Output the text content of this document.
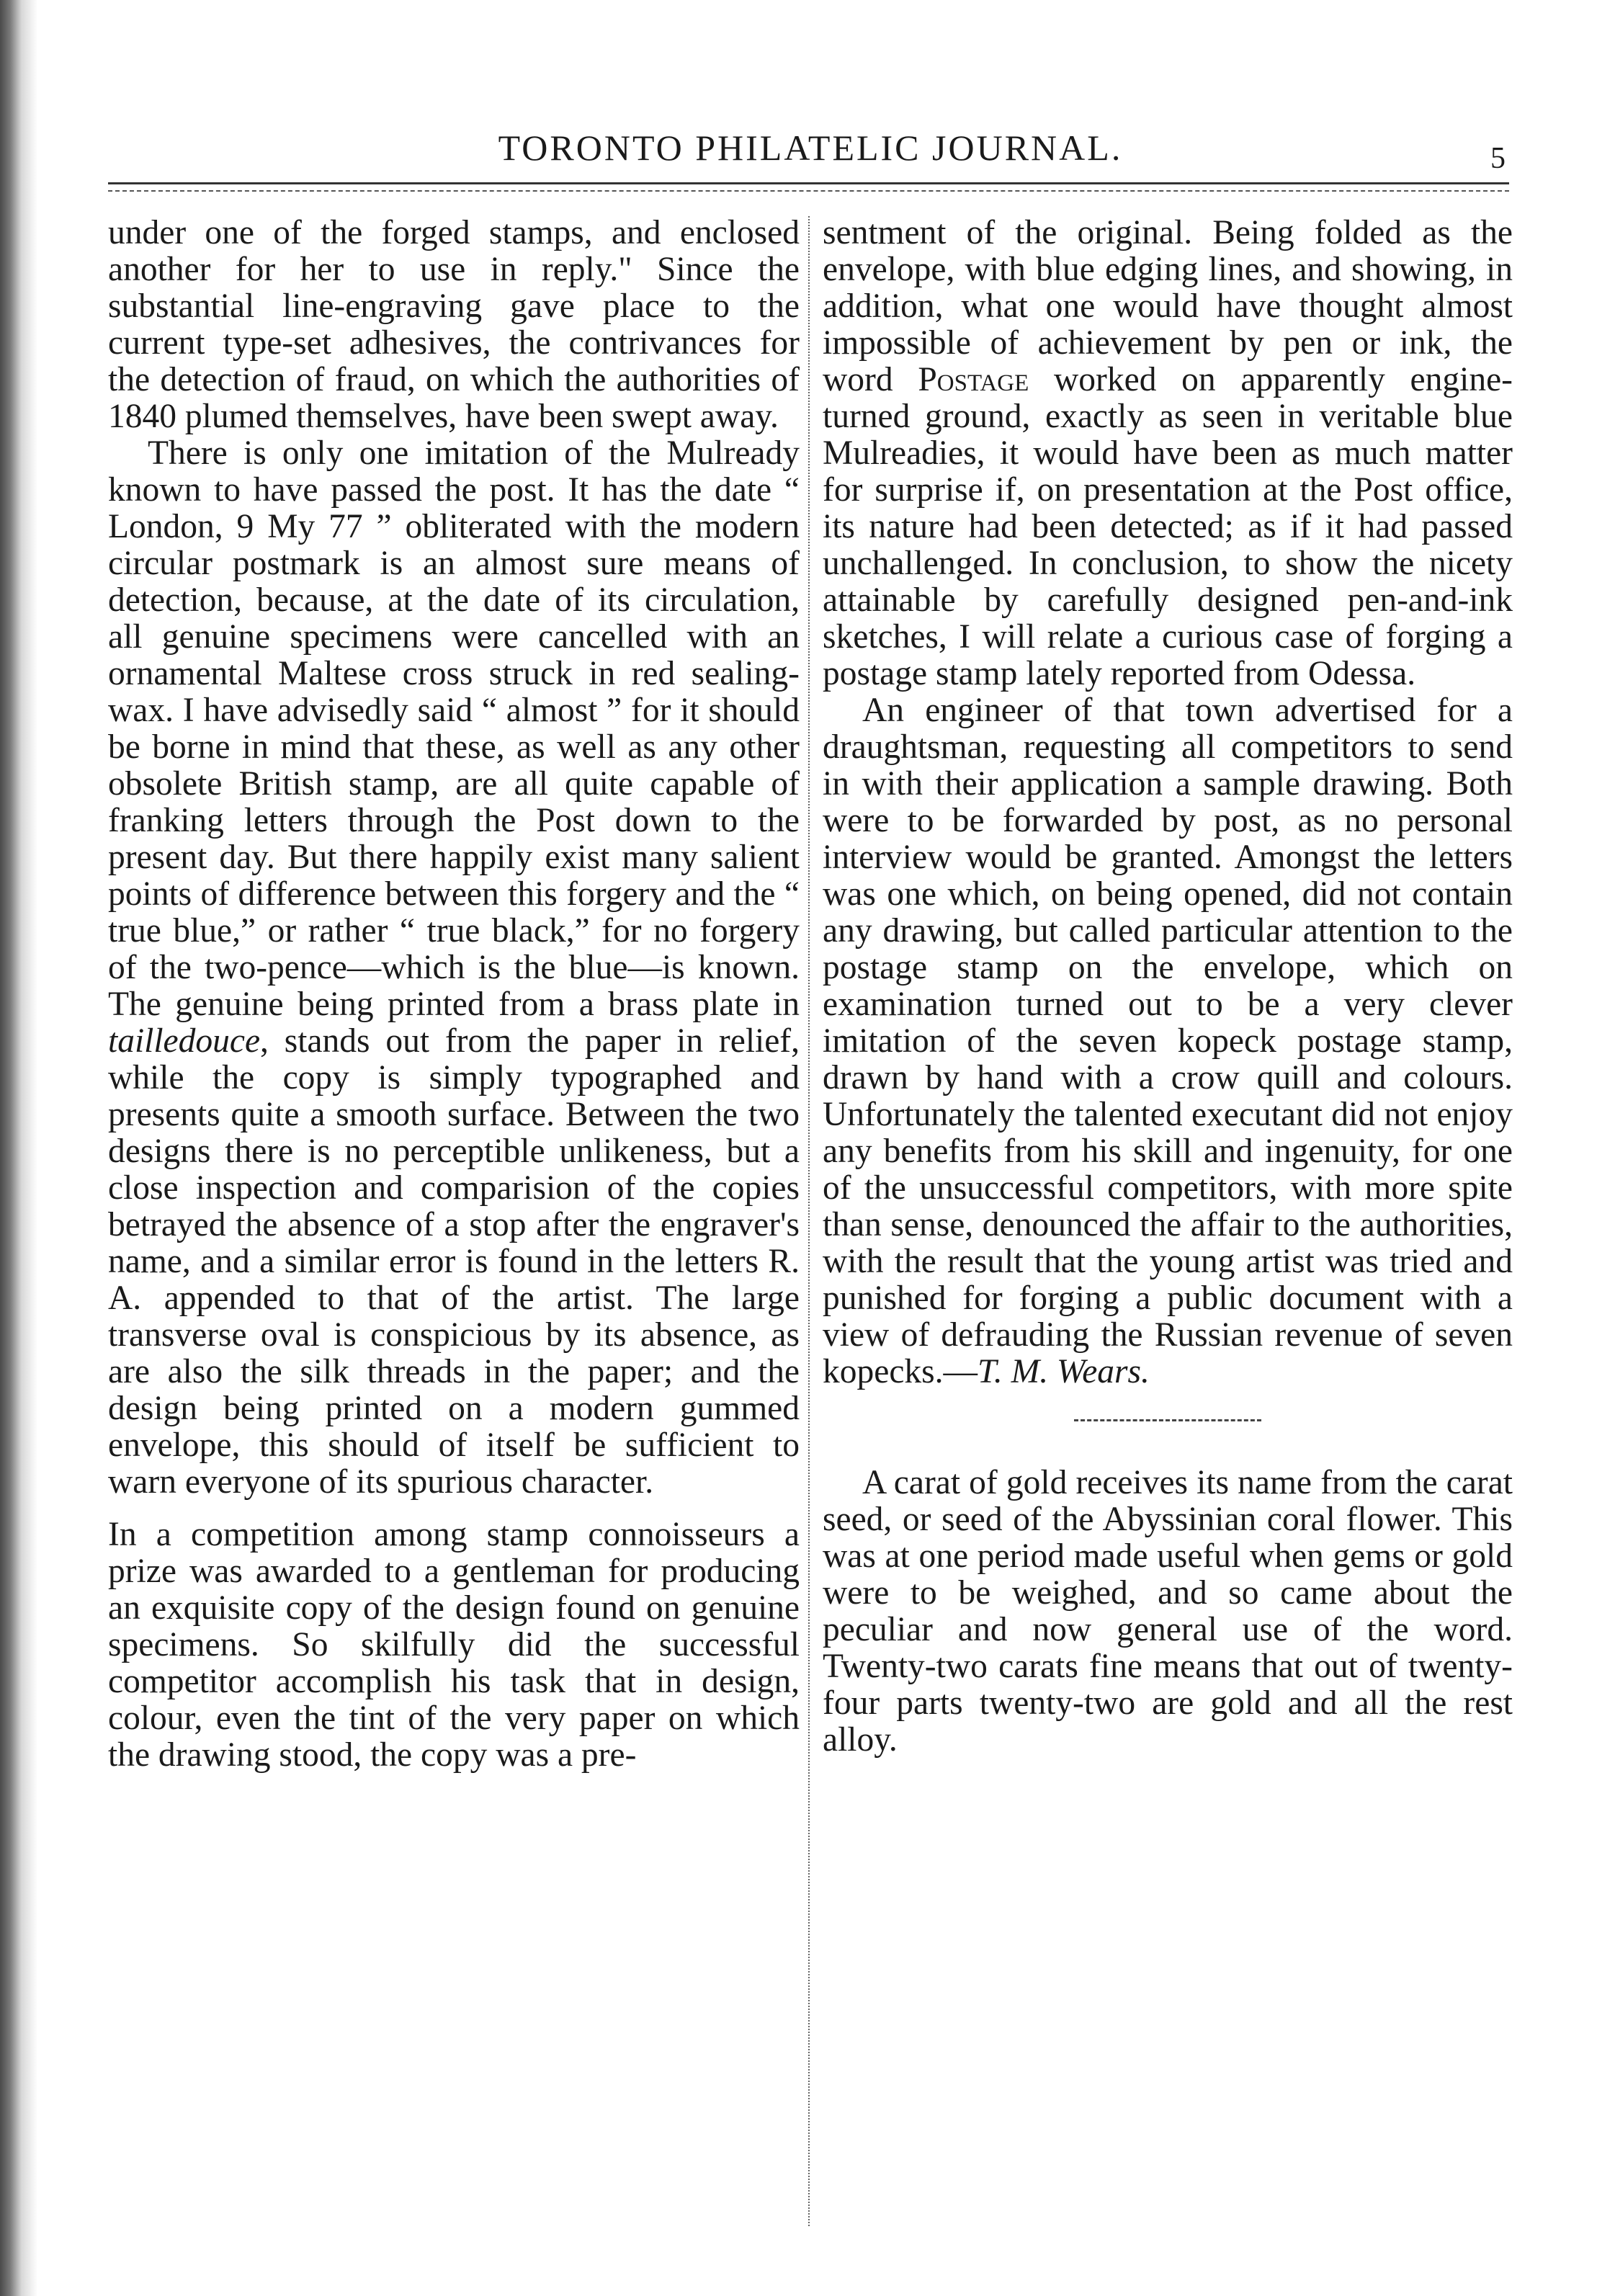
TORONTO PHILATELIC JOURNAL.	5

under one of the forged stamps, and enclosed another for her to use in reply." Since the substantial line-engraving gave place to the current type-set adhesives, the contrivances for the detection of fraud, on which the authorities of 1840 plumed themselves, have been swept away.

There is only one imitation of the Mulready known to have passed the post. It has the date “ London, 9 My 77 ” obliterated with the modern circular postmark is an almost sure means of detection, because, at the date of its circulation, all genuine specimens were cancelled with an ornamental Maltese cross struck in red sealing-wax. I have advisedly said “ almost ” for it should be borne in mind that these, as well as any other obsolete British stamp, are all quite capable of franking letters through the Post down to the present day. But there happily exist many salient points of difference between this forgery and the “ true blue,” or rather “ true black,” for no forgery of the two-pence—which is the blue—is known. The genuine being printed from a brass plate in tailledouce, stands out from the paper in relief, while the copy is simply typographed and presents quite a smooth surface. Between the two designs there is no perceptible unlikeness, but a close inspection and comparision of the copies betrayed the absence of a stop after the engraver's name, and a similar error is found in the letters R. A. appended to that of the artist. The large transverse oval is conspicious by its absence, as are also the silk threads in the paper; and the design being printed on a modern gummed envelope, this should of itself be sufficient to warn everyone of its spurious character.

In a competition among stamp connoisseurs a prize was awarded to a gentleman for producing an exquisite copy of the design found on genuine specimens. So skilfully did the successful competitor accomplish his task that in design, colour, even the tint of the very paper on which the drawing stood, the copy was a pre-

sentment of the original. Being folded as the envelope, with blue edging lines, and showing, in addition, what one would have thought almost impossible of achievement by pen or ink, the word Postage worked on apparently engine-turned ground, exactly as seen in veritable blue Mulreadies, it would have been as much matter for surprise if, on presentation at the Post office, its nature had been detected; as if it had passed unchallenged. In conclusion, to show the nicety attainable by carefully designed pen-and-ink sketches, I will relate a curious case of forging a postage stamp lately reported from Odessa.

An engineer of that town advertised for a draughtsman, requesting all competitors to send in with their application a sample drawing. Both were to be forwarded by post, as no personal interview would be granted. Amongst the letters was one which, on being opened, did not contain any drawing, but called particular attention to the postage stamp on the envelope, which on examination turned out to be a very clever imitation of the seven kopeck postage stamp, drawn by hand with a crow quill and colours. Unfortunately the talented executant did not enjoy any benefits from his skill and ingenuity, for one of the unsuccessful competitors, with more spite than sense, denounced the affair to the authorities, with the result that the young artist was tried and punished for forging a public document with a view of defrauding the Russian revenue of seven kopecks.—T. M. Wears.

A carat of gold receives its name from the carat seed, or seed of the Abyssinian coral flower. This was at one period made useful when gems or gold were to be weighed, and so came about the peculiar and now general use of the word. Twenty-two carats fine means that out of twenty-four parts twenty-two are gold and all the rest alloy.
